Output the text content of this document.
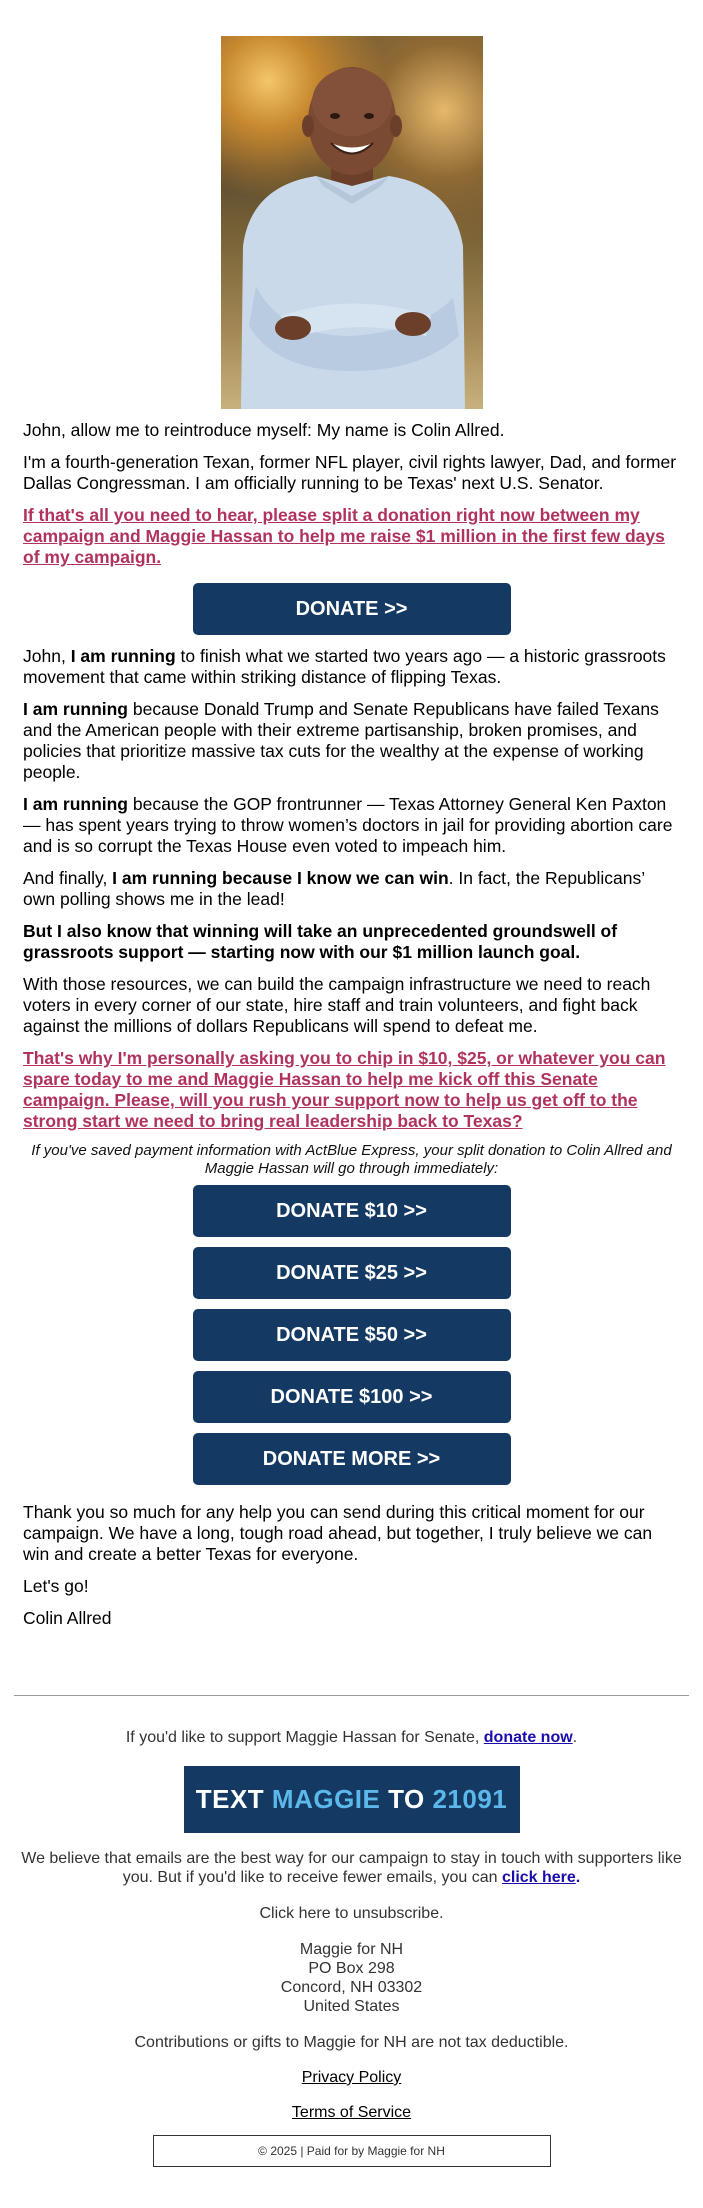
John, allow me to reintroduce myself: My name is Colin Allred.

I'm a fourth-generation Texan, former NFL player, civil rights lawyer, Dad, and former Dallas Congressman. I am officially running to be Texas' next U.S. Senator.

If that's all you need to hear, please split a donation right now between my campaign and Maggie Hassan to help me raise $1 million in the first few days of my campaign.
DONATE >>

John, I am running to finish what we started two years ago — a historic grassroots movement that came within striking distance of flipping Texas.

I am running because Donald Trump and Senate Republicans have failed Texans and the American people with their extreme partisanship, broken promises, and policies that prioritize massive tax cuts for the wealthy at the expense of working people.

I am running because the GOP frontrunner — Texas Attorney General Ken Paxton — has spent years trying to throw women’s doctors in jail for providing abortion care and is so corrupt the Texas House even voted to impeach him.

And finally, I am running because I know we can win. In fact, the Republicans’ own polling shows me in the lead!

But I also know that winning will take an unprecedented groundswell of grassroots support — starting now with our $1 million launch goal.

With those resources, we can build the campaign infrastructure we need to reach voters in every corner of our state, hire staff and train volunteers, and fight back against the millions of dollars Republicans will spend to defeat me.

That's why I'm personally asking you to chip in $10, $25, or whatever you can spare today to me and Maggie Hassan to help me kick off this Senate campaign. Please, will you rush your support now to help us get off to the strong start we need to bring real leadership back to Texas?

If you've saved payment information with ActBlue Express, your split donation to Colin Allred and Maggie Hassan will go through immediately:

DONATE $10 >>
DONATE $25 >>
DONATE $50 >>
DONATE $100 >>
DONATE MORE >>

Thank you so much for any help you can send during this critical moment for our campaign. We have a long, tough road ahead, but together, I truly believe we can win and create a better Texas for everyone.

Let's go!

Colin Allred

If you'd like to support Maggie Hassan for Senate, donate now.
TEXT
MAGGIE
TO
21091
We believe that emails are the best way for our campaign to stay in touch with supporters like you. But if you'd like to receive fewer emails, you can click here.
Click here to unsubscribe.
Maggie for NH
PO Box 298
Concord, NH 03302
United States
Contributions or gifts to Maggie for NH are not tax deductible.
Privacy Policy
Terms of Service
© 2025 | Paid for by Maggie for NH
